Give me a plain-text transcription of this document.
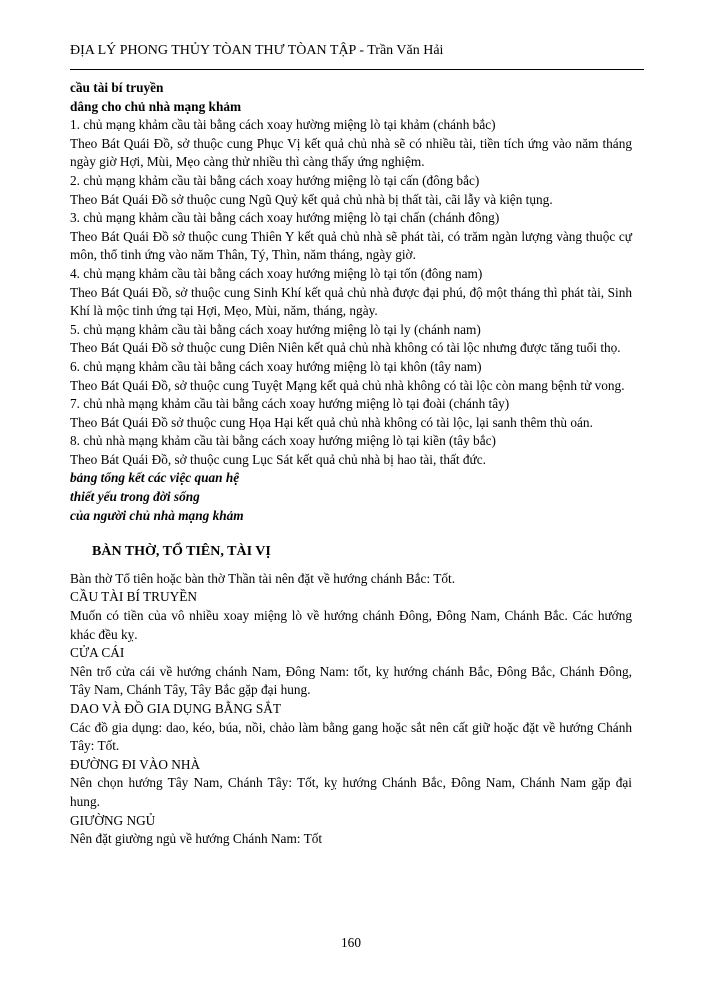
ĐỊA LÝ PHONG THỦY TÒAN THƯ TÒAN TẬP - Trần Văn Hải

cầu tài bí truyền

dâng cho chủ nhà mạng khảm

1. chủ mạng khảm cầu tài bằng cách xoay hường miệng lò tại khảm (chánh bắc)

Theo Bát Quái Đồ, sở thuộc cung Phục Vị kết quả chủ nhà sẽ có nhiều tài, tiền tích ứng vào năm tháng ngày giờ Hợi, Mùi, Mẹo càng thử nhiều thì càng thấy ứng nghiệm.

2. chủ mạng khảm cầu tài bằng cách xoay hướng miệng lò tại cấn (đông bắc)

Theo Bát Quái Đồ sở thuộc cung Ngũ Quỷ kết quả chủ nhà bị thất tài, cãi lẫy và kiện tụng.

3. chủ mạng khảm cầu tài bằng cách xoay hướng miệng lò tại chấn (chánh đông)

Theo Bát Quái Đồ sở thuộc cung Thiên Y kết quả chủ nhà sẽ phát tài, có trăm ngàn lượng vàng thuộc cự môn, thổ tinh ứng vào năm Thân, Tý, Thìn, năm tháng, ngày giờ.

4. chủ mạng khảm cầu tài bằng cách xoay hướng miệng lò tại tốn (đông nam)

Theo Bát Quái Đồ, sở thuộc cung Sinh Khí kết quả chủ nhà được đại phú, độ một tháng thì phát tài, Sinh Khí là mộc tinh ứng tại Hợi, Mẹo, Mùi, năm, tháng, ngày.

5. chủ mạng khảm cầu tài bằng cách xoay hướng miệng lò tại ly (chánh nam)

Theo Bát Quái Đồ sở thuộc cung Diên Niên kết quả chủ nhà không có tài lộc nhưng được tăng tuổi thọ.

6. chủ mạng khảm cầu tài bằng cách xoay hướng miệng lò tại khôn (tây nam)

Theo Bát Quái Đồ, sở thuộc cung Tuyệt Mạng kết quả chủ nhà không có tài lộc còn mang bệnh tử vong.

7. chủ nhà mạng khảm cầu tài bằng cách xoay hướng miệng lò tại đoài (chánh tây)

Theo Bát Quái Đồ sở thuộc cung Họa Hại kết quả chủ nhà không có tài lộc, lại sanh thêm thù oán.

8. chủ nhà mạng khảm cầu tài bằng cách xoay hướng miệng lò tại kiền (tây bắc)

Theo Bát Quái Đồ, sở thuộc cung Lục Sát kết quả chủ nhà bị hao tài, thất đức.

bảng tổng kết các việc quan hệ

thiết yếu trong đời sống

của người chủ nhà mạng khảm

BÀN THỜ, TỔ TIÊN, TÀI VỊ

Bàn thờ Tổ tiên hoặc bàn thờ Thần tài nên đặt về hướng chánh Bắc: Tốt.

CẦU TÀI BÍ TRUYỀN

Muốn có tiền của vô nhiều xoay miệng lò về hướng chánh Đông, Đông Nam, Chánh Bắc. Các hướng khác đều kỵ.

CỬA CÁI

Nên trổ cửa cái về hướng chánh Nam, Đông Nam: tốt, kỵ hướng chánh Bắc, Đông Bắc, Chánh Đông, Tây Nam, Chánh Tây, Tây Bắc gặp đại hung.

DAO VÀ ĐỒ GIA DỤNG BẰNG SẮT

Các đồ gia dụng: dao, kéo, búa, nồi, chảo làm bằng gang hoặc sắt nên cất giữ hoặc đặt về hướng Chánh Tây: Tốt.

ĐƯỜNG ĐI VÀO NHÀ

Nên chọn hướng Tây Nam, Chánh Tây: Tốt, kỵ hướng Chánh Bắc, Đông Nam, Chánh Nam gặp đại hung.

GIƯỜNG NGỦ

Nên đặt giường ngủ về hướng Chánh Nam: Tốt

160
